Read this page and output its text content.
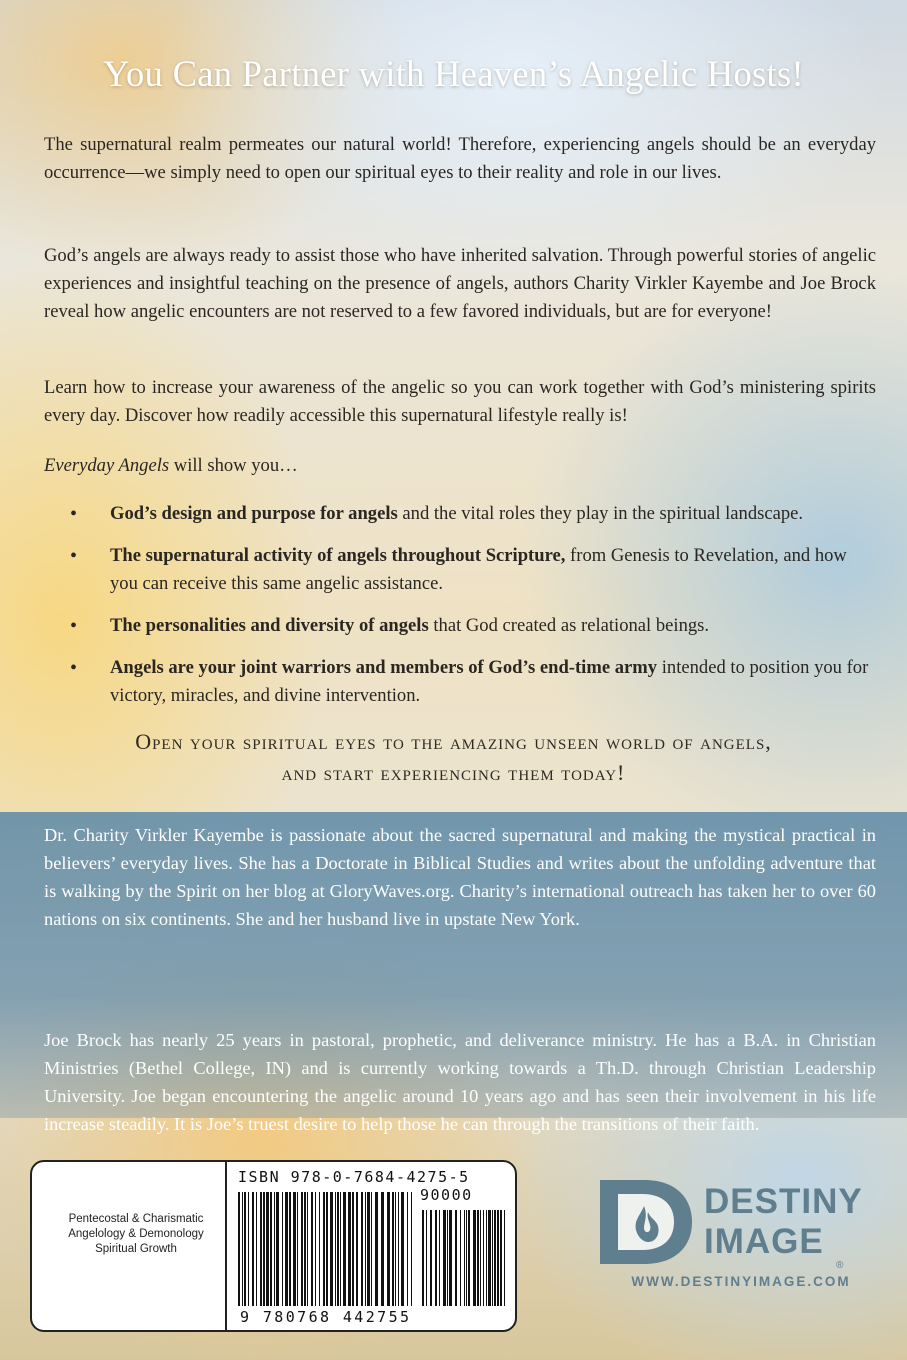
You Can Partner with Heaven’s Angelic Hosts!

The supernatural realm permeates our natural world! Therefore, experiencing angels should be an everyday occurrence—we simply need to open our spiritual eyes to their reality and role in our lives.

God’s angels are always ready to assist those who have inherited salvation. Through powerful stories of angelic experiences and insightful teaching on the presence of angels, authors Charity Virkler Kayembe and Joe Brock reveal how angelic encounters are not reserved to a few favored individuals, but are for everyone!

Learn how to increase your awareness of the angelic so you can work together with God’s ministering spirits every day. Discover how readily accessible this supernatural lifestyle really is!

Everyday Angels will show you…

• God’s design and purpose for angels and the vital roles they play in the spiritual landscape.
• The supernatural activity of angels throughout Scripture, from Genesis to Revelation, and how you can receive this same angelic assistance.
• The personalities and diversity of angels that God created as relational beings.
• Angels are your joint warriors and members of God’s end-time army intended to position you for victory, miracles, and divine intervention.
Open your spiritual eyes to the amazing unseen world of angels,
and start experiencing them today!
Dr. Charity Virkler Kayembe is passionate about the sacred supernatural and making the mystical practical in believers’ everyday lives. She has a Doctorate in Biblical Studies and writes about the unfolding adventure that is walking by the Spirit on her blog at GloryWaves.org. Charity’s international outreach has taken her to over 60 nations on six continents. She and her husband live in upstate New York.
Joe Brock has nearly 25 years in pastoral, prophetic, and deliverance ministry. He has a B.A. in Christian Ministries (Bethel College, IN) and is currently working towards a Th.D. through Christian Leadership University. Joe began encountering the angelic around 10 years ago and has seen their involvement in his life increase steadily. It is Joe’s truest desire to help those he can through the transitions of their faith.
Pentecostal & Charismatic
Angelology & Demonology
Spiritual Growth
ISBN 978-0-7684-4275-5
90000
9 780768 442755
DESTINY
IMAGE
®
WWW.DESTINYIMAGE.COM
